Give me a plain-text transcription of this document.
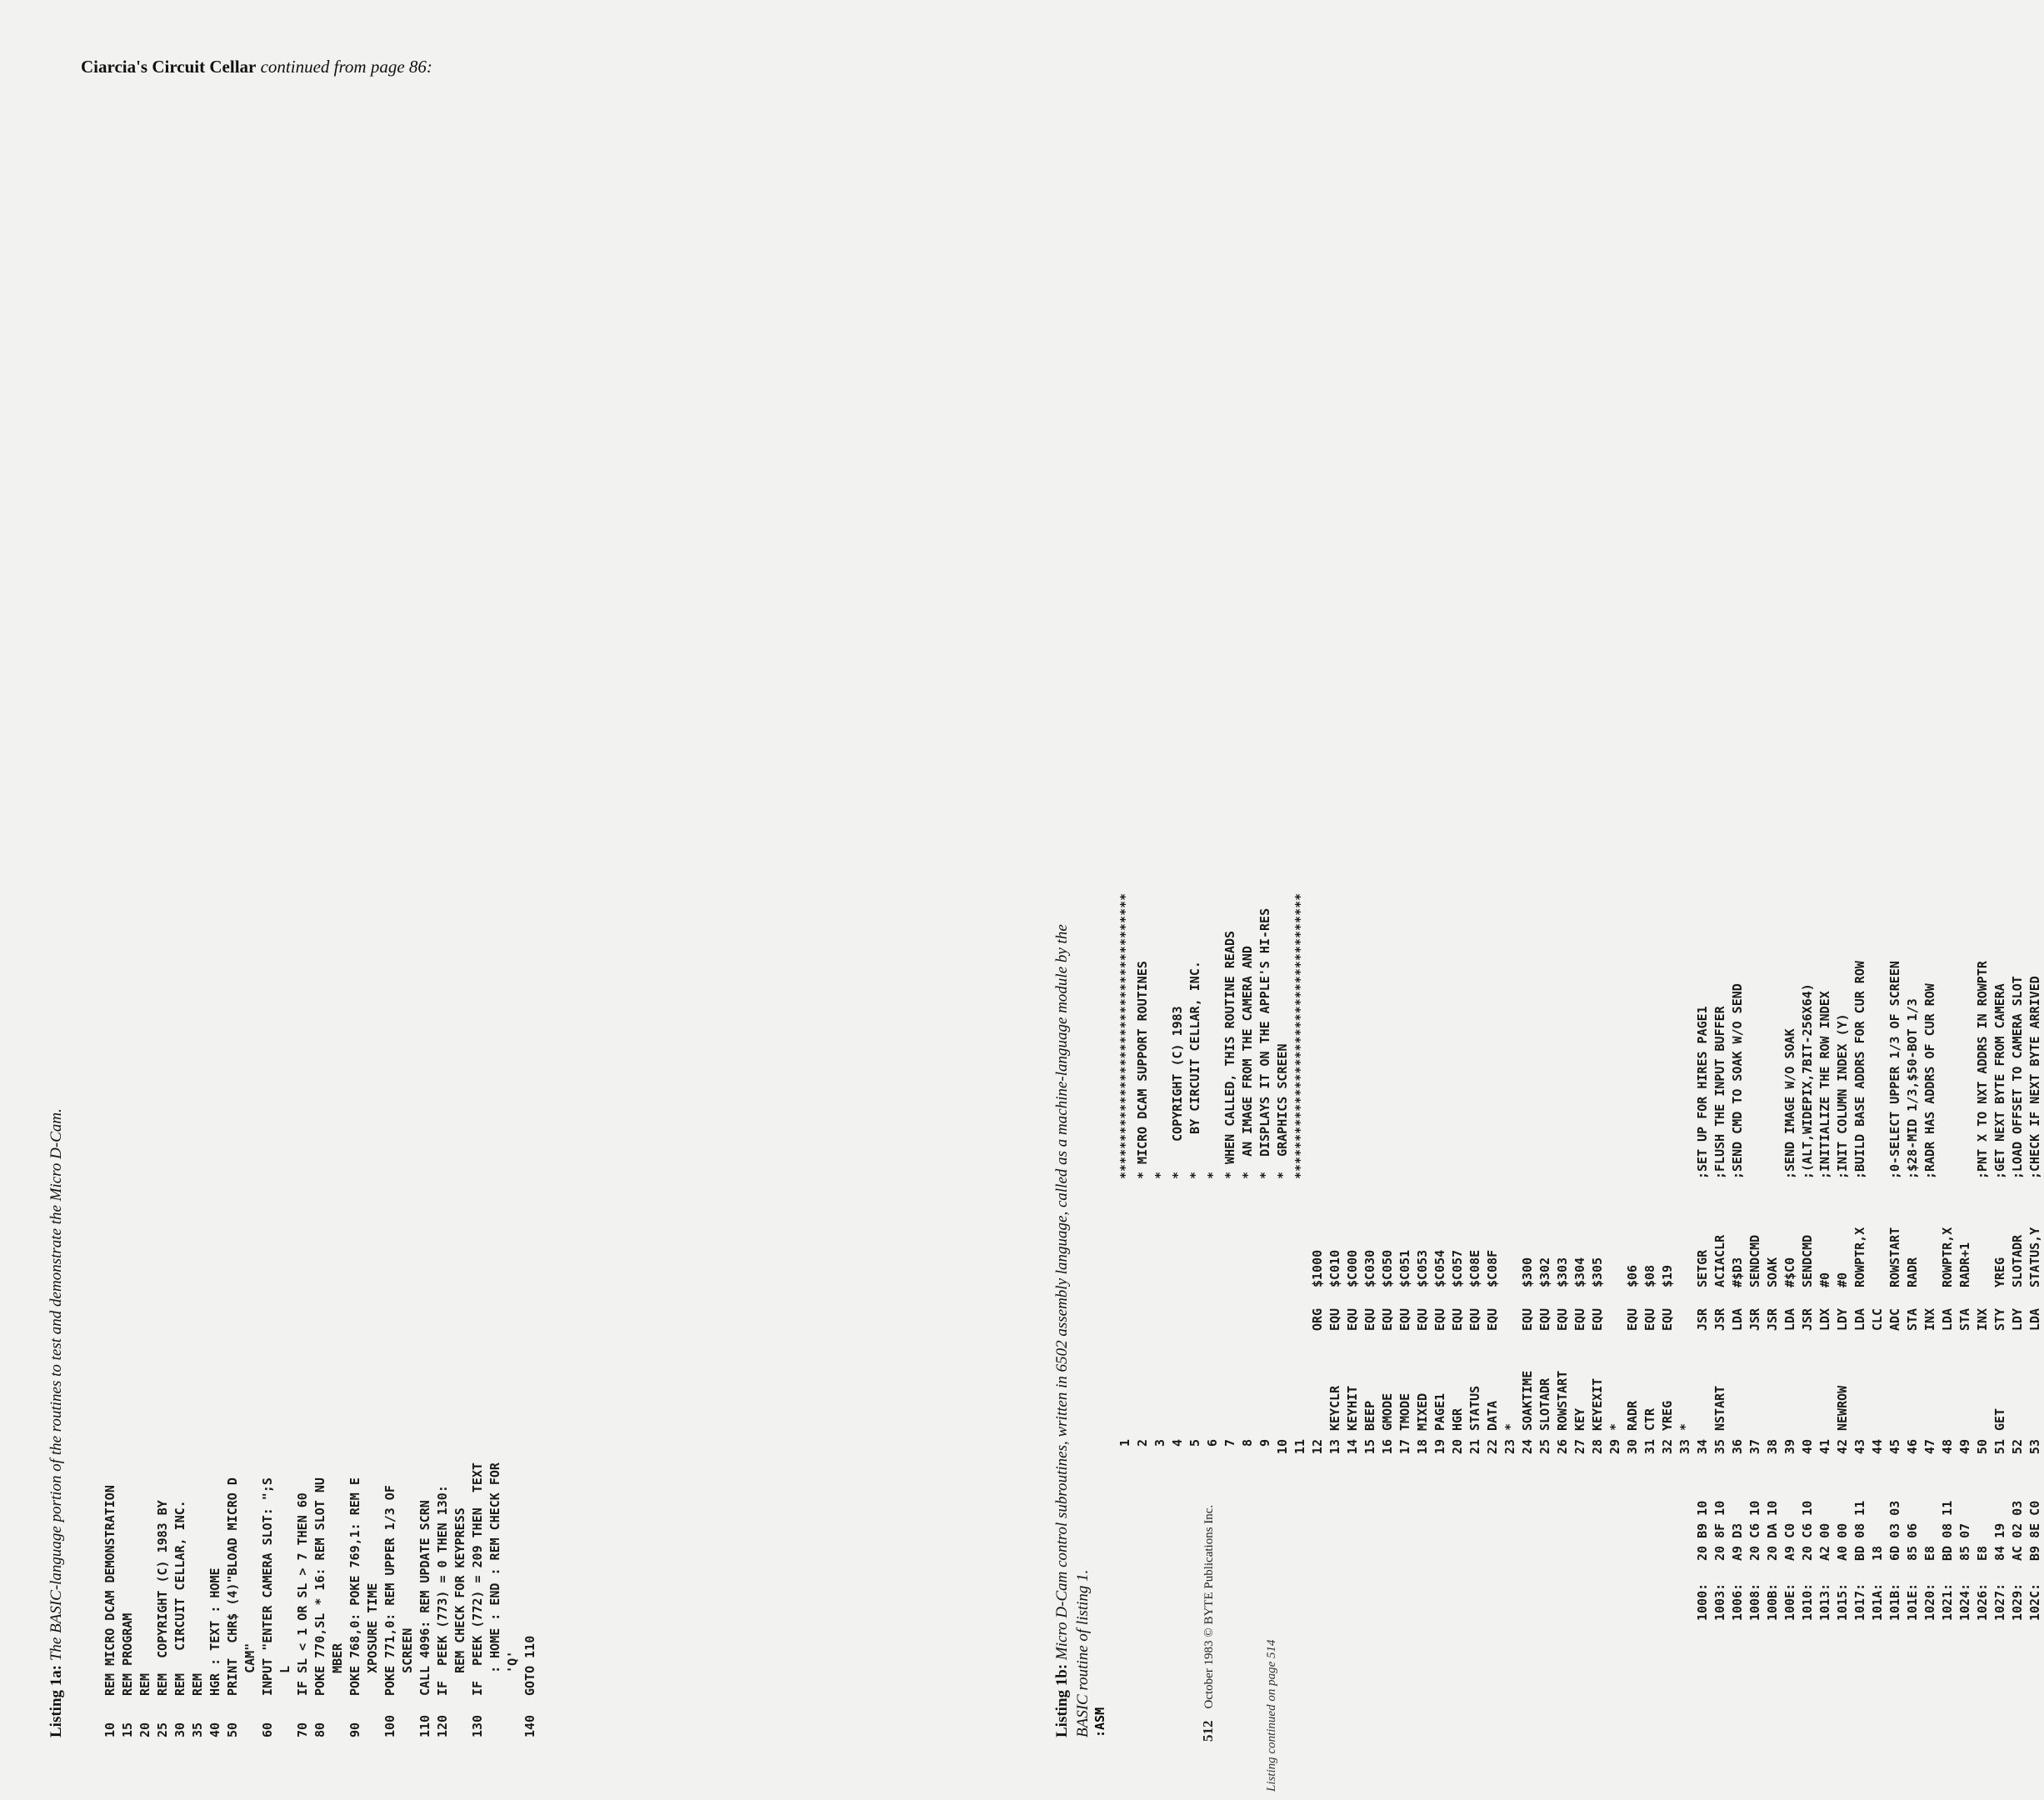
Ciarcia's Circuit Cellar continued from page 86:
512October 1983 © BYTE Publications Inc.
Listing continued on page 514
Listing 1a: The BASIC-language portion of the routines to test and demonstrate the Micro D-Cam.
10REM MICRO DCAM DEMONSTRATION
15REM PROGRAM
20REM
25REM  COPYRIGHT (C) 1983 BY
30REM   CIRCUIT CELLAR, INC.
35REM
40HGR : TEXT : HOME
50PRINT  CHR$ (4)"BLOAD MICRO D CAM"
60INPUT "ENTER CAMERA SLOT: ";S L
70IF SL < 1 OR SL > 7 THEN 60
80POKE 770,SL * 16: REM SLOT NU MBER
90POKE 768,0: POKE 769,1: REM E XPOSURE TIME
100POKE 771,0: REM UPPER 1/3 OF SCREEN
110CALL 4096: REM UPDATE SCRN
120IF  PEEK (773) = 0 THEN 130: REM CHECK FOR KEYPRESS
130IF  PEEK (772) = 209 THEN  TEXT : HOME : END : REM CHECK FOR 'Q'
140GOTO 110	Listing 1b: Micro D-Cam control subroutines, written in 6502 assembly language, called as a machine-language module by the BASIC routine of listing 1. :ASM
1**************************************
2* MICRO DCAM SUPPORT ROUTINES
3*
4*    COPYRIGHT (C) 1983
5*     BY CIRCUIT CELLAR, INC.
6*
7* WHEN CALLED, THIS ROUTINE READS
8*  AN IMAGE FROM THE CAMERA AND
9*  DISPLAYS IT ON THE APPLE'S HI-RES
10*  GRAPHICS SCREEN
11**************************************
12ORG$1000
13KEYCLREQU$C010
14KEYHITEQU$C000
15BEEPEQU$C030
16GMODEEQU$C050
17TMODEEQU$C051
18MIXEDEQU$C053
19PAGE1EQU$C054
20HGREQU$C057
21STATUSEQU$C08E
22DATAEQU$C08F
23*
24SOAKTIMEEQU$300
25SLOTADREQU$302
26ROWSTARTEQU$303
27KEYEQU$304
28KEYEXITEQU$305
29*
30RADREQU$06
31CTREQU$08
32YREGEQU$19
33*
1000:20 B9 1034JSRSETGR;SET UP FOR HIRES PAGE1
1003:20 8F 1035NSTARTJSRACIACLR;FLUSH THE INPUT BUFFER
1006:A9 D336LDA#$D3;SEND CMD TO SOAK W/O SEND
1008:20 C6 1037JSRSENDCMD
100B:20 DA 1038JSRSOAK
100E:A9 C039LDA#$C0;SEND IMAGE W/O SOAK
1010:20 C6 1040JSRSENDCMD;(ALT,WIDEPIX,7BIT-256X64)
1013:A2 0041LDX#0;INITIALIZE THE ROW INDEX
1015:A0 0042NEWROWLDY#0;INIT COLUMN INDEX (Y)
1017:BD 08 1143LDAROWPTR,X;BUILD BASE ADDRS FOR CUR ROW
101A:1844CLC
101B:6D 03 0345ADCROWSTART;0-SELECT UPPER 1/3 OF SCREEN
101E:85 0646STARADR;$28-MID 1/3,$50-BOT 1/3
1020:E847INX;RADR HAS ADDRS OF CUR ROW
1021:BD 08 1148LDAROWPTR,X
1024:85 0749STARADR+1
1026:E850INX;PNT X TO NXT ADDRS IN ROWPTR
1027:84 1951GETSTYYREG;GET NEXT BYTE FROM CAMERA
1029:AC 02 0352LDYSLOTADR;LOAD OFFSET TO CAMERA SLOT
102C:B9 8E C053LDASTATUS,Y;CHECK IF NEXT BYTE ARRIVED
